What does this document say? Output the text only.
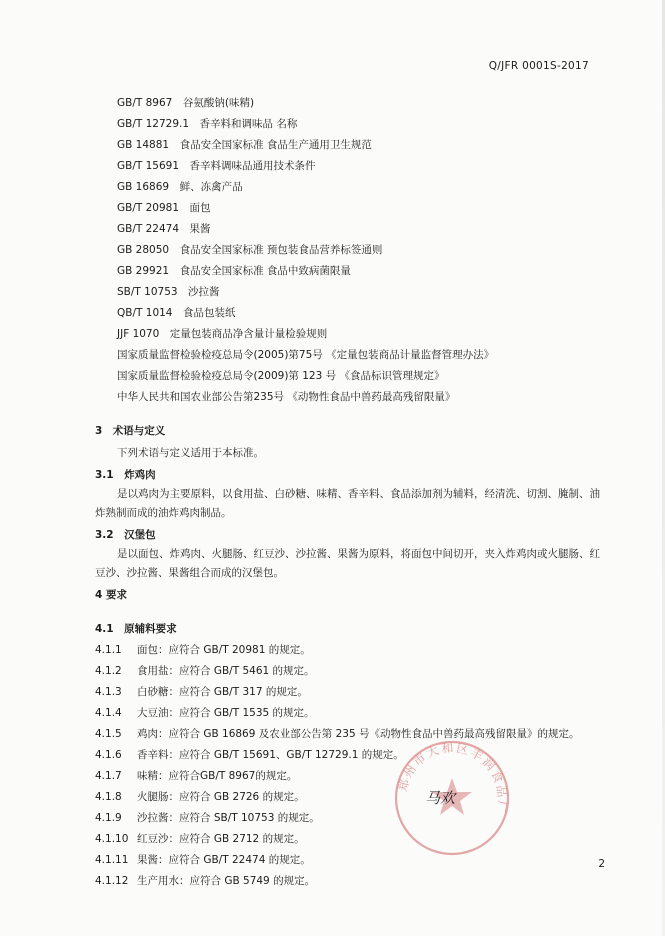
Q/JFR 0001S-2017
GB/T 8967　谷氨酸钠(味精)
GB/T 12729.1　香辛料和调味品 名称
GB 14881　食品安全国家标准 食品生产通用卫生规范
GB/T 15691　香辛料调味品通用技术条件
GB 16869　鲜、冻禽产品
GB/T 20981　面包
GB/T 22474　果酱
GB 28050　食品安全国家标准 预包装食品营养标签通则
GB 29921　食品安全国家标准 食品中致病菌限量
SB/T 10753　沙拉酱
QB/T 1014　食品包装纸
JJF 1070　定量包装商品净含量计量检验规则
国家质量监督检验检疫总局令(2005)第75号 《定量包装商品计量监督管理办法》
国家质量监督检验检疫总局令(2009)第 123 号 《食品标识管理规定》
中华人民共和国农业部公告第235号 《动物性食品中兽药最高残留限量》
3　术语与定义
下列术语与定义适用于本标准。
3.1　炸鸡肉
是以鸡肉为主要原料，以食用盐、白砂糖、味精、香辛料、食品添加剂为辅料，经清洗、切割、腌制、油炸熟制而成的油炸鸡肉制品。
3.2　汉堡包
是以面包、炸鸡肉、火腿肠、红豆沙、沙拉酱、果酱为原料，将面包中间切开，夹入炸鸡肉或火腿肠、红豆沙、沙拉酱、果酱组合而成的汉堡包。
4 要求
4.1　原辅料要求
4.1.1 面包：应符合 GB/T 20981 的规定。
4.1.2 食用盐：应符合 GB/T 5461 的规定。
4.1.3 白砂糖：应符合 GB/T 317 的规定。
4.1.4 大豆油：应符合 GB/T 1535 的规定。
4.1.5 鸡肉：应符合 GB 16869 及农业部公告第 235 号《动物性食品中兽药最高残留限量》的规定。
4.1.6 香辛料：应符合 GB/T 15691、GB/T 12729.1 的规定。
4.1.7 味精：应符合GB/T 8967的规定。
4.1.8 火腿肠：应符合 GB 2726 的规定。
4.1.9 沙拉酱：应符合 SB/T 10753 的规定。
4.1.10 红豆沙：应符合 GB 2712 的规定。
4.1.11 果酱：应符合 GB/T 22474 的规定。
4.1.12 生产用水：应符合 GB 5749 的规定。
郑州市大和区丰润食品厂
马欢
2
